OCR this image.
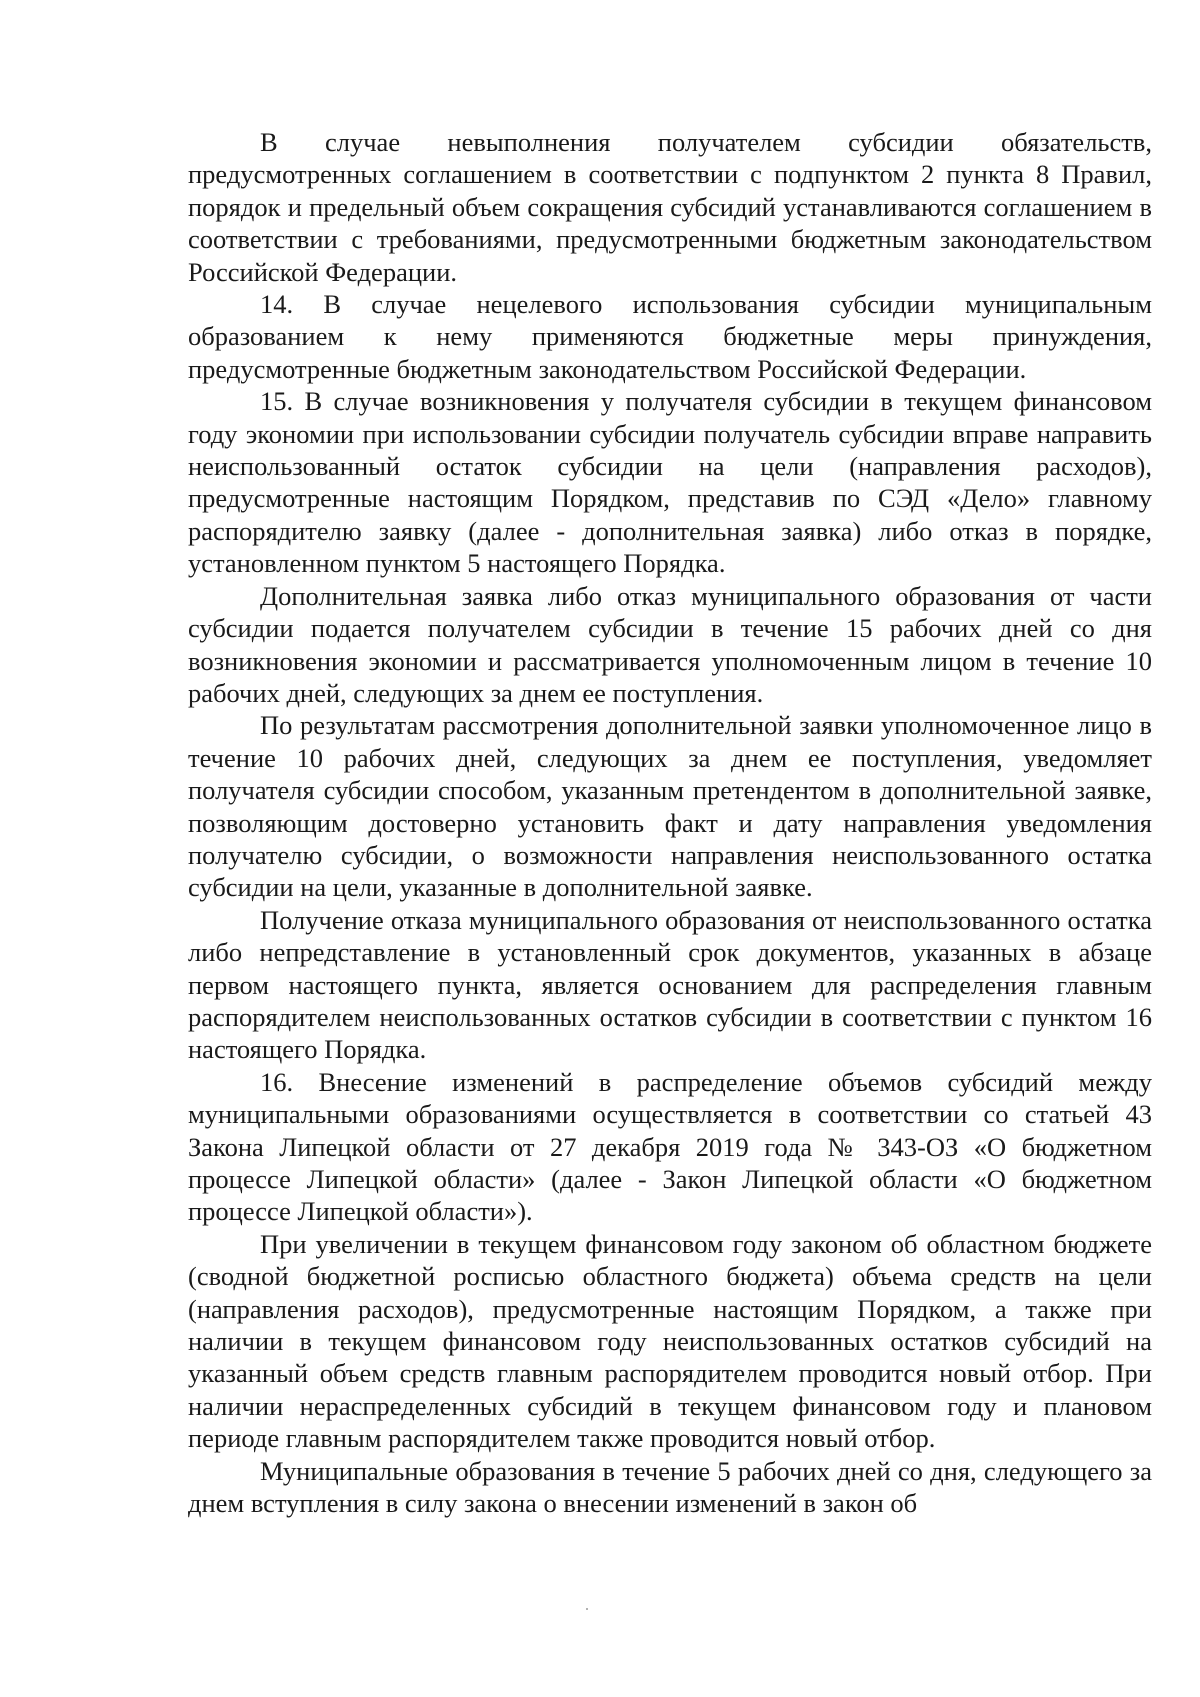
В случае невыполнения получателем субсидии обязательств, предусмотренных соглашением в соответствии с подпунктом 2 пункта 8 Правил, порядок и предельный объем сокращения субсидий устанавливаются соглашением в соответствии с требованиями, предусмотренными бюджетным законодательством Российской Федерации.

14. В случае нецелевого использования субсидии муниципальным образованием к нему применяются бюджетные меры принуждения, предусмотренные бюджетным законодательством Российской Федерации.

15. В случае возникновения у получателя субсидии в текущем финансовом году экономии при использовании субсидии получатель субсидии вправе направить неиспользованный остаток субсидии на цели (направления расходов), предусмотренные настоящим Порядком, представив по СЭД «Дело» главному распорядителю заявку (далее - дополнительная заявка) либо отказ в порядке, установленном пунктом 5 настоящего Порядка.

Дополнительная заявка либо отказ муниципального образования от части субсидии подается получателем субсидии в течение 15 рабочих дней со дня возникновения экономии и рассматривается уполномоченным лицом в течение 10 рабочих дней, следующих за днем ее поступления.

По результатам рассмотрения дополнительной заявки уполномоченное лицо в течение 10 рабочих дней, следующих за днем ее поступления, уведомляет получателя субсидии способом, указанным претендентом в дополнительной заявке, позволяющим достоверно установить факт и дату направления уведомления получателю субсидии, о возможности направления неиспользованного остатка субсидии на цели, указанные в дополнительной заявке.

Получение отказа муниципального образования от неиспользованного остатка либо непредставление в установленный срок документов, указанных в абзаце первом настоящего пункта, является основанием для распределения главным распорядителем неиспользованных остатков субсидии в соответствии с пунктом 16 настоящего Порядка.

16. Внесение изменений в распределение объемов субсидий между муниципальными образованиями осуществляется в соответствии со статьей 43 Закона Липецкой области от 27 декабря 2019 года № 343-ОЗ «О бюджетном процессе Липецкой области» (далее - Закон Липецкой области «О бюджетном процессе Липецкой области»).

При увеличении в текущем финансовом году законом об областном бюджете (сводной бюджетной росписью областного бюджета) объема средств на цели (направления расходов), предусмотренные настоящим Порядком, а также при наличии в текущем финансовом году неиспользованных остатков субсидий на указанный объем средств главным распорядителем проводится новый отбор. При наличии нераспределенных субсидий в текущем финансовом году и плановом периоде главным распорядителем также проводится новый отбор.

Муниципальные образования в течение 5 рабочих дней со дня, следующего за днем вступления в силу закона о внесении изменений в закон об
